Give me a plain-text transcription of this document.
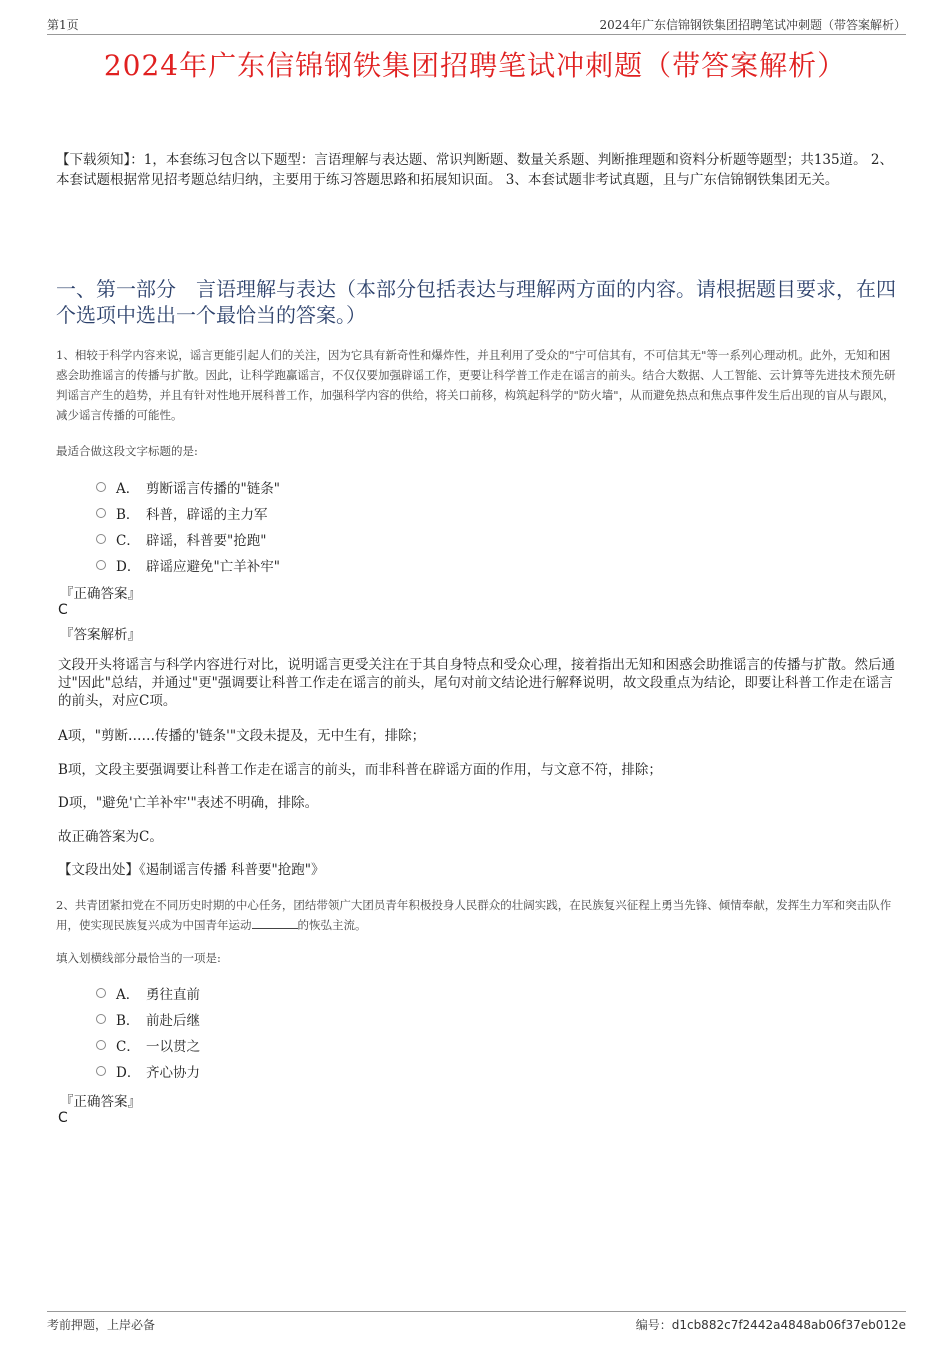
第1页	2024年广东信锦钢铁集团招聘笔试冲刺题（带答案解析）
2024年广东信锦钢铁集团招聘笔试冲刺题（带答案解析）
【下载须知】：1，本套练习包含以下题型：言语理解与表达题、常识判断题、数量关系题、判断推理题和资料分析题等题型；共135道。 2、本套试题根据常见招考题总结归纳，主要用于练习答题思路和拓展知识面。 3、本套试题非考试真题，且与广东信锦钢铁集团无关。
一、第一部分　言语理解与表达（本部分包括表达与理解两方面的内容。请根据题目要求，在四个选项中选出一个最恰当的答案。）
1、相较于科学内容来说，谣言更能引起人们的关注，因为它具有新奇性和爆炸性，并且利用了受众的"宁可信其有，不可信其无"等一系列心理动机。此外，无知和困惑会助推谣言的传播与扩散。因此，让科学跑赢谣言，不仅仅要加强辟谣工作，更要让科学普工作走在谣言的前头。结合大数据、人工智能、云计算等先进技术预先研判谣言产生的趋势，并且有针对性地开展科普工作，加强科学内容的供给，将关口前移，构筑起科学的"防火墙"，从而避免热点和焦点事件发生后出现的盲从与跟风，减少谣言传播的可能性。
最适合做这段文字标题的是:
A． 剪断谣言传播的"链条"
B． 科普，辟谣的主力军
C． 辟谣，科普要"抢跑"
D． 辟谣应避免"亡羊补牢"
『正确答案』
C
『答案解析』
文段开头将谣言与科学内容进行对比，说明谣言更受关注在于其自身特点和受众心理，接着指出无知和困惑会助推谣言的传播与扩散。然后通过"因此"总结，并通过"更"强调要让科普工作走在谣言的前头，尾句对前文结论进行解释说明，故文段重点为结论，即要让科普工作走在谣言的前头，对应C项。
A项，"剪断……传播的'链条'"文段未提及，无中生有，排除；
B项，文段主要强调要让科普工作走在谣言的前头，而非科普在辟谣方面的作用，与文意不符，排除；
D项，"避免'亡羊补牢'"表述不明确，排除。
故正确答案为C。
【文段出处】《遏制谣言传播 科普要"抢跑"》
2、共青团紧扣党在不同历史时期的中心任务，团结带领广大团员青年积极投身人民群众的壮阔实践，在民族复兴征程上勇当先锋、倾情奉献，发挥生力军和突击队作用，使实现民族复兴成为中国青年运动	的恢弘主流。
填入划横线部分最恰当的一项是:
A． 勇往直前
B． 前赴后继
C． 一以贯之
D． 齐心协力
『正确答案』
C
考前押题，上岸必备	编号：d1cb882c7f2442a4848ab06f37eb012e
